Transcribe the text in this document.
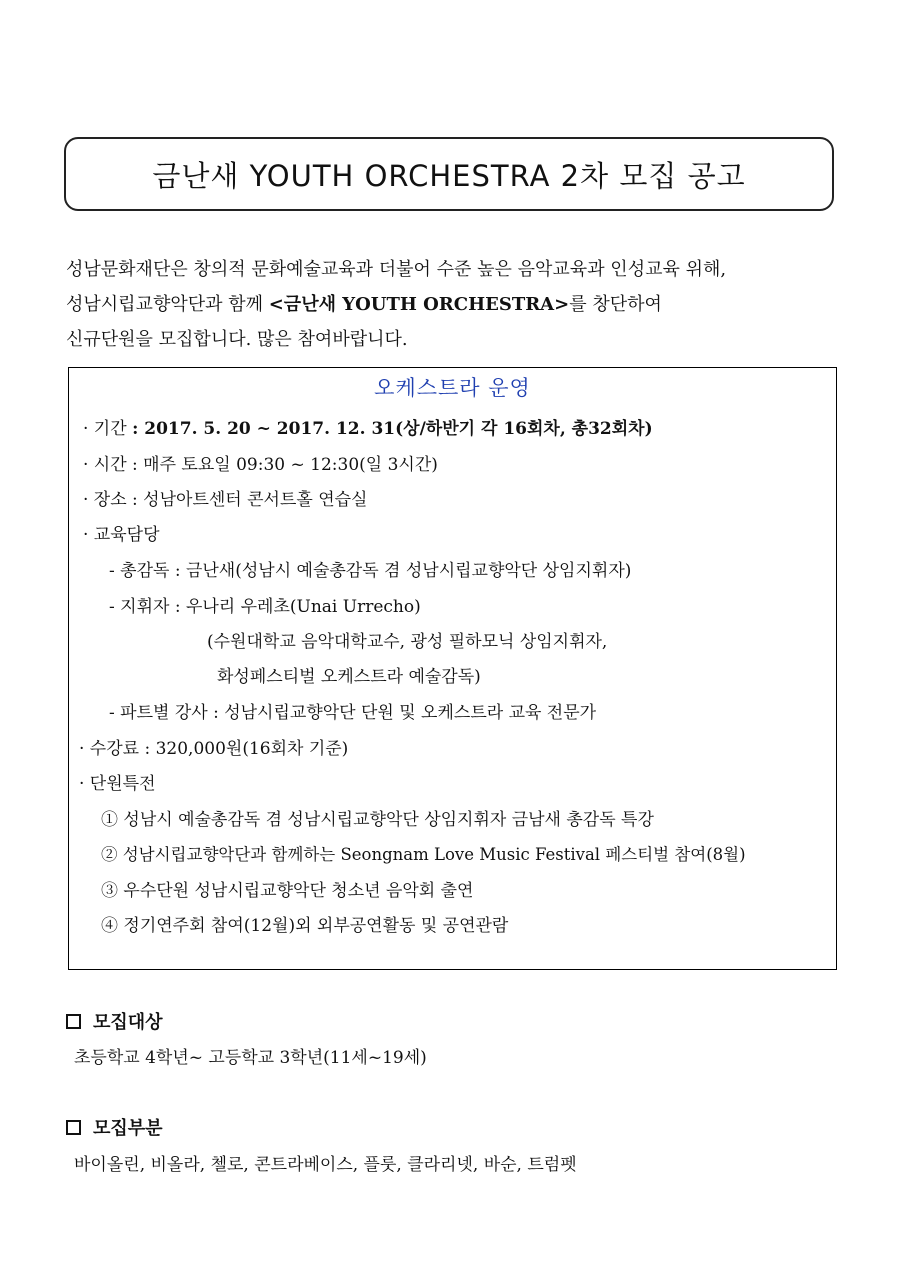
금난새 YOUTH ORCHESTRA 2차 모집 공고

성남문화재단은 창의적 문화예술교육과 더불어 수준 높은 음악교육과 인성교육 위해,

성남시립교향악단과 함께 <금난새 YOUTH ORCHESTRA>를 창단하여

신규단원을 모집합니다. 많은 참여바랍니다.

오케스트라 운영
· 기간 : 2017. 5. 20 ~ 2017. 12. 31(상/하반기 각 16회차, 총32회차)
· 시간 : 매주 토요일 09:30 ~ 12:30(일 3시간)
· 장소 : 성남아트센터 콘서트홀 연습실
· 교육담당
- 총감독 : 금난새(성남시 예술총감독 겸 성남시립교향악단 상임지휘자)
- 지휘자 : 우나리 우레초(Unai Urrecho)
(수원대학교 음악대학교수, 광성 필하모닉 상임지휘자,
화성페스티벌 오케스트라 예술감독)
- 파트별 강사 : 성남시립교향악단 단원 및 오케스트라 교육 전문가
· 수강료 : 320,000원(16회차 기준)
· 단원특전
① 성남시 예술총감독 겸 성남시립교향악단 상임지휘자 금남새 총감독 특강
② 성남시립교향악단과 함께하는 Seongnam Love Music Festival 페스티벌 참여(8월)
③ 우수단원 성남시립교향악단 청소년 음악회 출연
④ 정기연주회 참여(12월)외 외부공연활동 및 공연관람
모집대상
초등학교 4학년~ 고등학교 3학년(11세~19세)
모집부분
바이올린, 비올라, 첼로, 콘트라베이스, 플룻, 클라리넷, 바순, 트럼펫
